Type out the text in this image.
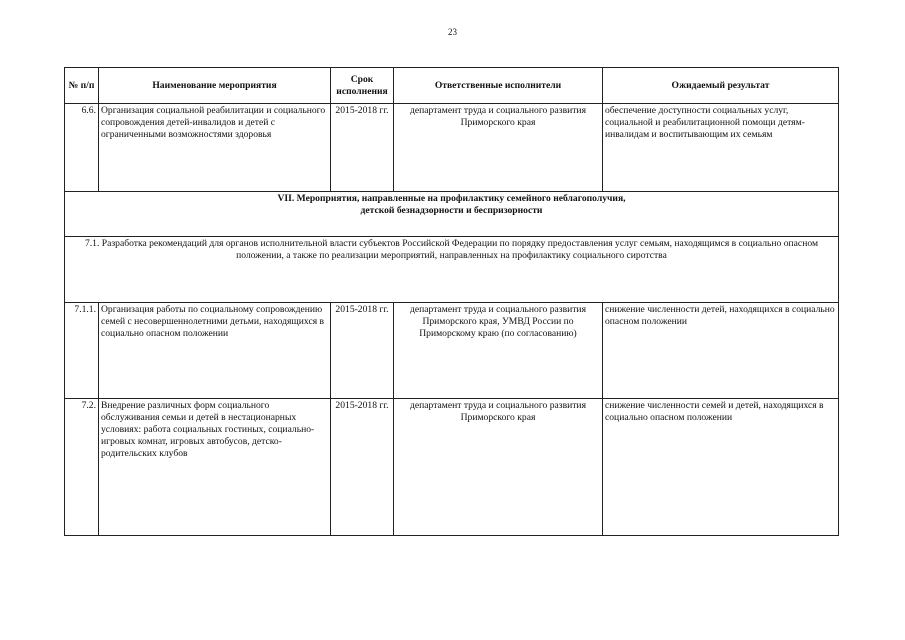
23
№ п/п	Наименование мероприятия	Срок исполнения	Ответственные исполнители	Ожидаемый результат
6.6.	Организация социальной реабилитации и социального сопровождения детей-инвалидов и детей с ограниченными возможностями здоровья	2015-2018 гг.	департамент труда и социального развития Приморского края	обеспечение доступности социальных услуг, социальной и реабилитационной помощи детям-инвалидам и воспитывающим их семьям
VII. Мероприятия, направленные на профилактику семейного неблагополучия,
детской безнадзорности и беспризорности				
7.1. Разработка рекомендаций для органов исполнительной власти субъектов Российской Федерации по порядку предоставления услуг семьям, находящимся в социально опасном положении, а также по реализации мероприятий, направленных на профилактику социального сиротства				
7.1.1.	Организация работы по социальному сопровождению семей с несовершеннолетними детьми, находящихся в социально опасном положении	2015-2018 гг.	департамент труда и социального развития Приморского края, УМВД России по Приморскому краю (по согласованию)	снижение численности детей, находящихся в социально опасном положении
7.2.	Внедрение различных форм социального обслуживания семьи и детей в нестационарных условиях: работа социальных гостиных, социально-игровых комнат, игровых автобусов, детско-родительских клубов	2015-2018 гг.	департамент труда и социального развития Приморского края	снижение численности семей и детей, находящихся в социально опасном положении
